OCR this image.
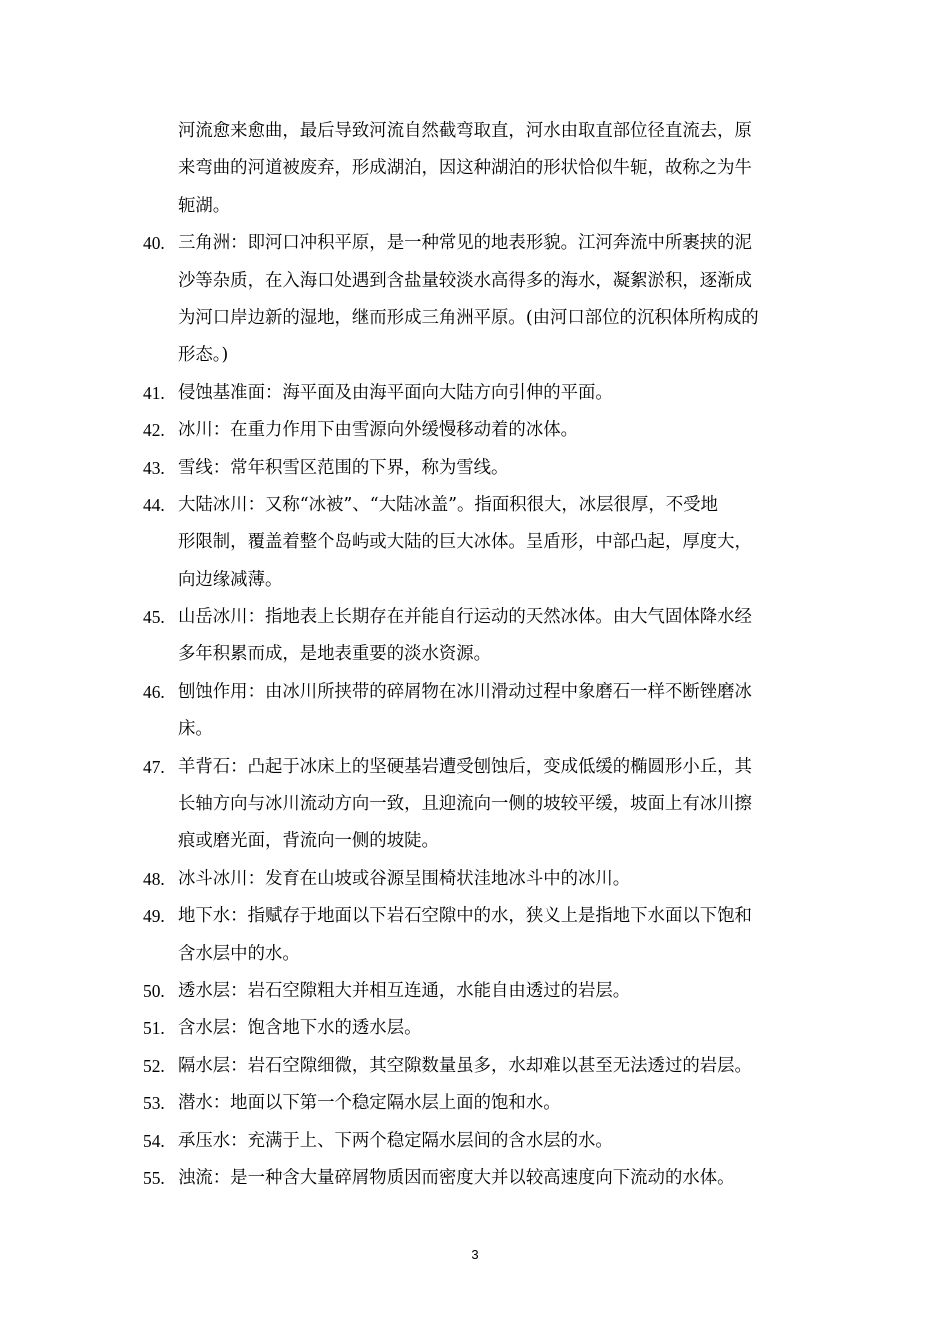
河流愈来愈曲，最后导致河流自然截弯取直，河水由取直部位径直流去，原
来弯曲的河道被废弃，形成湖泊，因这种湖泊的形状恰似牛轭，故称之为牛
轭湖。
40. 三角洲：即河口冲积平原，是一种常见的地表形貌。江河奔流中所裹挟的泥
沙等杂质，在入海口处遇到含盐量较淡水高得多的海水，凝絮淤积，逐渐成
为河口岸边新的湿地，继而形成三角洲平原。(由河口部位的沉积体所构成的
形态。)
41. 侵蚀基准面：海平面及由海平面向大陆方向引伸的平面。
42. 冰川：在重力作用下由雪源向外缓慢移动着的冰体。
43. 雪线：常年积雪区范围的下界，称为雪线。
44. 大陆冰川：又称“冰被”、“大陆冰盖”。指面积很大，冰层很厚，不受地
形限制，覆盖着整个岛屿或大陆的巨大冰体。呈盾形，中部凸起，厚度大，
向边缘减薄。
45. 山岳冰川：指地表上长期存在并能自行运动的天然冰体。由大气固体降水经
多年积累而成，是地表重要的淡水资源。
46. 刨蚀作用：由冰川所挟带的碎屑物在冰川滑动过程中象磨石一样不断锉磨冰
床。
47. 羊背石：凸起于冰床上的坚硬基岩遭受刨蚀后，变成低缓的椭圆形小丘，其
长轴方向与冰川流动方向一致，且迎流向一侧的坡较平缓，坡面上有冰川擦
痕或磨光面，背流向一侧的坡陡。
48. 冰斗冰川：发育在山坡或谷源呈围椅状洼地冰斗中的冰川。
49. 地下水：指赋存于地面以下岩石空隙中的水，狭义上是指地下水面以下饱和
含水层中的水。
50. 透水层：岩石空隙粗大并相互连通，水能自由透过的岩层。
51. 含水层：饱含地下水的透水层。
52. 隔水层：岩石空隙细微，其空隙数量虽多，水却难以甚至无法透过的岩层。
53. 潜水：地面以下第一个稳定隔水层上面的饱和水。
54. 承压水：充满于上、下两个稳定隔水层间的含水层的水。
55. 浊流：是一种含大量碎屑物质因而密度大并以较高速度向下流动的水体。
3
